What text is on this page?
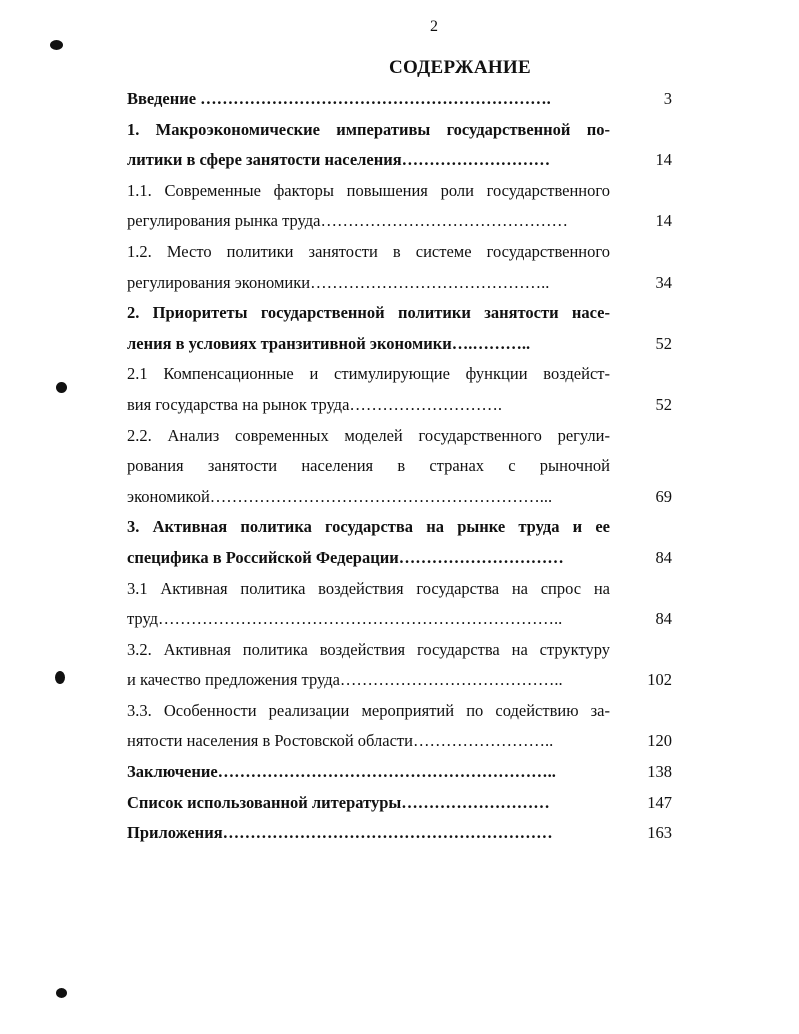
2
СОДЕРЖАНИЕ
Введение ……………………………………………………….	3
1. Макроэкономические императивы государственной по-
литики в сфере занятости населения………………………	14
1.1. Современные факторы повышения роли государственного
регулирования рынка труда………………………………………	14
1.2. Место политики занятости в системе государственного
регулирования экономики……………………………………..	34
2. Приоритеты государственной политики занятости насе-
ления в условиях транзитивной экономики….………..	52
2.1 Компенсационные и стимулирующие функции воздейст-
вия государства на рынок труда……………………….	52
2.2. Анализ современных моделей государственного регули-
рования занятости населения в странах с рыночной
экономикой……………………………………………………...	69
3. Активная политика государства на рынке труда и ее
специфика в Российской Федерации…………………………	84
3.1 Активная политика воздействия государства на спрос на
труд………………………………………………………………..	84
3.2. Активная политика воздействия государства на структуру
и качество предложения труда…………………………………..	102
3.3. Особенности реализации мероприятий по содействию за-
нятости населения в Ростовской области……………………..	120
Заключение……………………………………………………..	138
Список использованной литературы………………………	147
Приложения……………………………………………………	163
